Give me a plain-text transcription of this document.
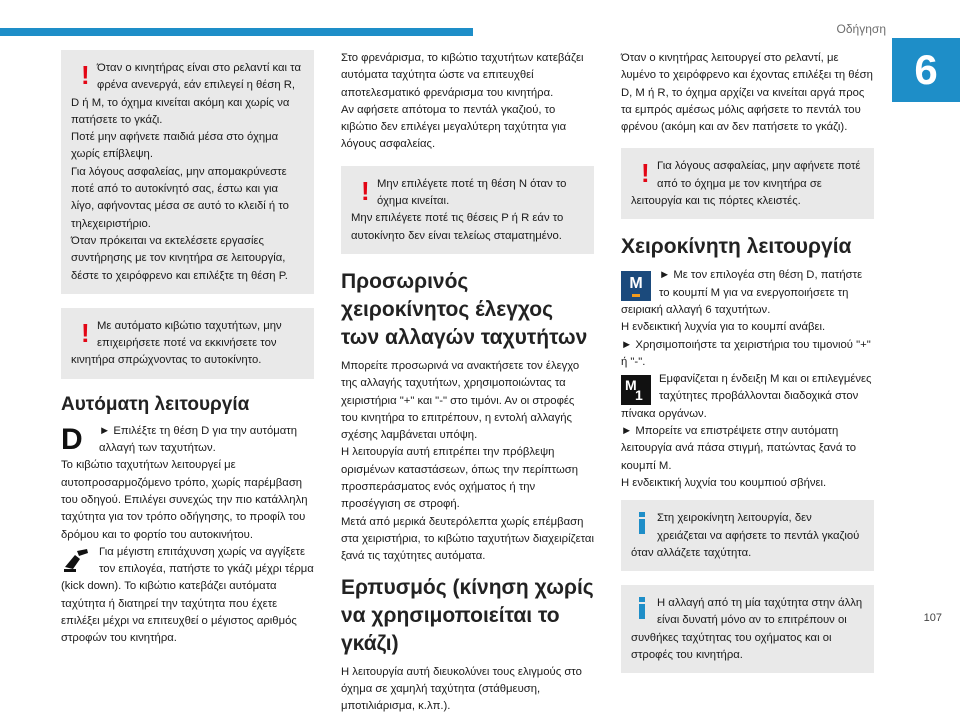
Οδήγηση
6
107
! Όταν ο κινητήρας είναι στο ρελαντί και τα φρένα ανενεργά, εάν επιλεγεί η θέση R, D ή M, το όχημα κινείται ακόμη και χωρίς να πατήσετε το γκάζι.

Ποτέ μην αφήνετε παιδιά μέσα στο όχημα χωρίς επίβλεψη.

Για λόγους ασφαλείας, μην απομακρύνεστε ποτέ από το αυτοκίνητό σας, έστω και για λίγο, αφήνοντας μέσα σε αυτό το κλειδί ή το τηλεχειριστήριο.

Όταν πρόκειται να εκτελέσετε εργασίες συντήρησης με τον κινητήρα σε λειτουργία, δέστε το χειρόφρενο και επιλέξτε τη θέση P.

! Με αυτόματο κιβώτιο ταχυτήτων, μην επιχειρήσετε ποτέ να εκκινήσετε τον κινητήρα σπρώχνοντας το αυτοκίνητο.

Αυτόματη λειτουργία
D	► Επιλέξτε τη θέση D για την αυτόματη αλλαγή των ταχυτήτων.

Το κιβώτιο ταχυτήτων λειτουργεί με αυτοπροσαρμοζόμενο τρόπο, χωρίς παρέμβαση του οδηγού. Επιλέγει συνεχώς την πιο κατάλληλη ταχύτητα για τον τρόπο οδήγησης, το προφίλ του δρόμου και το φορτίο του αυτοκινήτου.

Για μέγιστη επιτάχυνση χωρίς να αγγίξετε τον επιλογέα, πατήστε το γκάζι μέχρι τέρμα (kick down). Το κιβώτιο κατεβάζει αυτόματα ταχύτητα ή διατηρεί την ταχύτητα που έχετε επιλέξει μέχρι να επιτευχθεί ο μέγιστος αριθμός στροφών του κινητήρα.

Στο φρενάρισμα, το κιβώτιο ταχυτήτων κατεβάζει αυτόματα ταχύτητα ώστε να επιτευχθεί αποτελεσματικό φρενάρισμα του κινητήρα.

Αν αφήσετε απότομα το πεντάλ γκαζιού, το κιβώτιο δεν επιλέγει μεγαλύτερη ταχύτητα για λόγους ασφαλείας.

! Μην επιλέγετε ποτέ τη θέση N όταν το όχημα κινείται.

Μην επιλέγετε ποτέ τις θέσεις P ή R εάν το αυτοκίνητο δεν είναι τελείως σταματημένο.

Προσωρινός χειροκίνητος έλεγχος των αλλαγών ταχυτήτων

Μπορείτε προσωρινά να ανακτήσετε τον έλεγχο της αλλαγής ταχυτήτων, χρησιμοποιώντας τα χειριστήρια "+" και "-" στο τιμόνι. Αν οι στροφές του κινητήρα το επιτρέπουν, η εντολή αλλαγής σχέσης λαμβάνεται υπόψη.

Η λειτουργία αυτή επιτρέπει την πρόβλεψη ορισμένων καταστάσεων, όπως την περίπτωση προσπεράσματος ενός οχήματος ή την προσέγγιση σε στροφή.

Μετά από μερικά δευτερόλεπτα χωρίς επέμβαση στα χειριστήρια, το κιβώτιο ταχυτήτων διαχειρίζεται ξανά τις ταχύτητες αυτόματα.

Ερπυσμός (κίνηση χωρίς να χρησιμοποιείται το γκάζι)

Η λειτουργία αυτή διευκολύνει τους ελιγμούς στο όχημα σε χαμηλή ταχύτητα (στάθμευση, μποτιλιάρισμα, κ.λπ.).

Όταν ο κινητήρας λειτουργεί στο ρελαντί, με λυμένο το χειρόφρενο και έχοντας επιλέξει τη θέση D, M ή R, το όχημα αρχίζει να κινείται αργά προς τα εμπρός αμέσως μόλις αφήσετε το πεντάλ του φρένου (ακόμη και αν δεν πατήσετε το γκάζι).

! Για λόγους ασφαλείας, μην αφήνετε ποτέ από το όχημα με τον κινητήρα σε λειτουργία και τις πόρτες κλειστές.

Χειροκίνητη λειτουργία
M	► Με τον επιλογέα στη θέση D, πατήστε το κουμπί M για να ενεργοποιήσετε τη σειριακή αλλαγή 6 ταχυτήτων.

Η ενδεικτική λυχνία για το κουμπί ανάβει.

► Χρησιμοποιήστε τα χειριστήρια του τιμονιού "+" ή "-".

M
1

Εμφανίζεται η ένδειξη M και οι επιλεγμένες ταχύτητες προβάλλονται διαδοχικά στον πίνακα οργάνων.

► Μπορείτε να επιστρέψετε στην αυτόματη λειτουργία ανά πάσα στιγμή, πατώντας ξανά το κουμπί M.

Η ενδεικτική λυχνία του κουμπιού σβήνει.

Στη χειροκίνητη λειτουργία, δεν χρειάζεται να αφήσετε το πεντάλ γκαζιού όταν αλλάζετε ταχύτητα.

Η αλλαγή από τη μία ταχύτητα στην άλλη είναι δυνατή μόνο αν το επιτρέπουν οι συνθήκες ταχύτητας του οχήματος και οι στροφές του κινητήρα.
